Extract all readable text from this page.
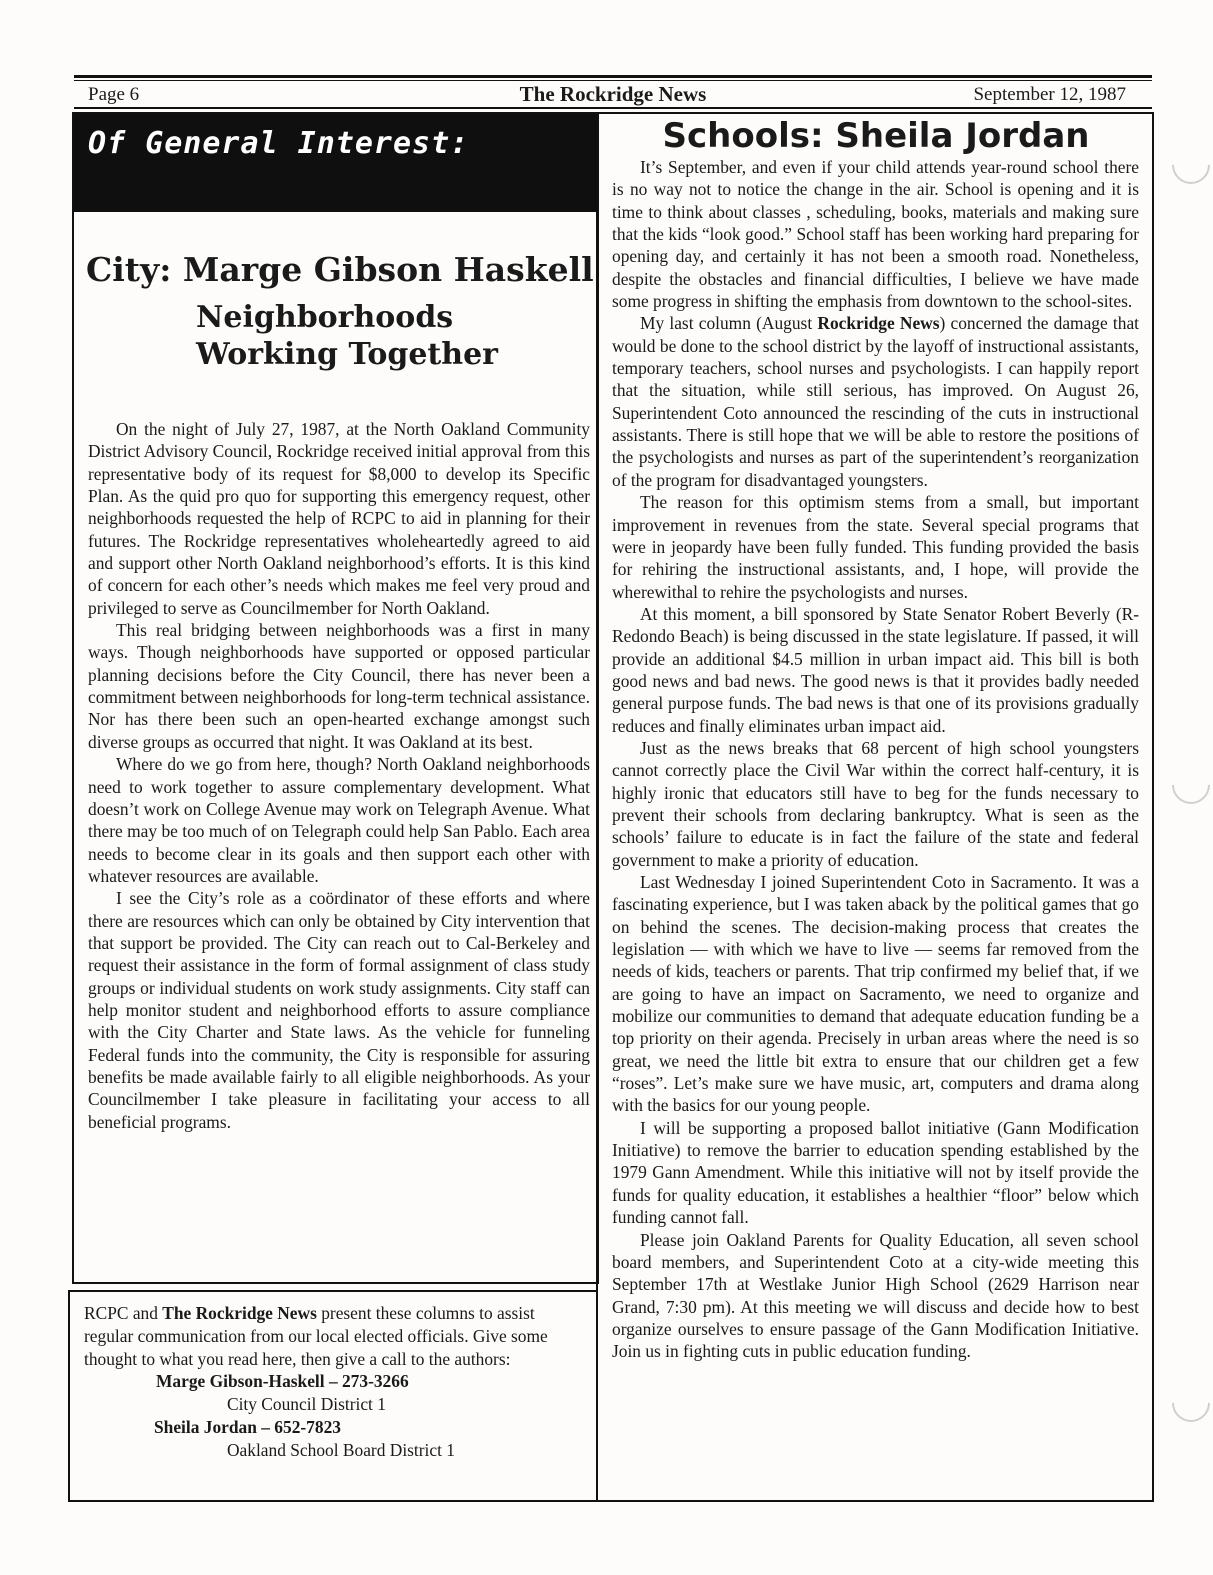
Page 6	The Rockridge News	September 12, 1987
Of General Interest:
City: Marge Gibson Haskell
Neighborhoods
Working Together

On the night of July 27, 1987, at the North Oakland Community District Advisory Council, Rockridge received initial approval from this representative body of its request for $8,000 to develop its Specific Plan. As the quid pro quo for supporting this emergency request, other neighborhoods requested the help of RCPC to aid in planning for their futures. The Rockridge representatives wholeheartedly agreed to aid and support other North Oakland neighborhood’s efforts. It is this kind of concern for each other’s needs which makes me feel very proud and privileged to serve as Councilmember for North Oakland.

This real bridging between neighborhoods was a first in many ways. Though neighborhoods have supported or opposed particular planning decisions before the City Council, there has never been a commitment between neighborhoods for long-term technical assistance. Nor has there been such an open-hearted exchange amongst such diverse groups as occurred that night. It was Oakland at its best.

Where do we go from here, though? North Oakland neighborhoods need to work together to assure complementary development. What doesn’t work on College Avenue may work on Telegraph Avenue. What there may be too much of on Telegraph could help San Pablo. Each area needs to become clear in its goals and then support each other with whatever resources are available.

I see the City’s role as a coördinator of these efforts and where there are resources which can only be obtained by City intervention that that support be provided. The City can reach out to Cal-Berkeley and request their assistance in the form of formal assignment of class study groups or individual students on work study assignments. City staff can help monitor student and neighborhood efforts to assure compliance with the City Charter and State laws. As the vehicle for funneling Federal funds into the community, the City is responsible for assuring benefits be made available fairly to all eligible neighborhoods. As your Councilmember I take pleasure in facilitating your access to all beneficial programs.

RCPC and The Rockridge News present these columns to assist regular communication from our local elected officials. Give some thought to what you read here, then give a call to the authors:

Marge Gibson-Haskell – 273-3266

City Council District 1

Sheila Jordan – 652-7823

Oakland School Board District 1

Schools: Sheila Jordan

It’s September, and even if your child attends year-round school there is no way not to notice the change in the air. School is opening and it is time to think about classes , scheduling, books, materials and making sure that the kids “look good.” School staff has been working hard preparing for opening day, and certainly it has not been a smooth road. Nonetheless, despite the obstacles and financial difficulties, I believe we have made some progress in shifting the emphasis from downtown to the school-sites.

My last column (August Rockridge News) concerned the damage that would be done to the school district by the layoff of instructional assistants, temporary teachers, school nurses and psychologists. I can happily report that the situation, while still serious, has improved. On August 26, Superintendent Coto announced the rescinding of the cuts in instructional assistants. There is still hope that we will be able to restore the positions of the psychologists and nurses as part of the superintendent’s reorganization of the program for disadvantaged youngsters.

The reason for this optimism stems from a small, but important improvement in revenues from the state. Several special programs that were in jeopardy have been fully funded. This funding provided the basis for rehiring the instructional assistants, and, I hope, will provide the wherewithal to rehire the psychologists and nurses.

At this moment, a bill sponsored by State Senator Robert Beverly (R- Redondo Beach) is being discussed in the state legislature. If passed, it will provide an additional $4.5 million in urban impact aid. This bill is both good news and bad news. The good news is that it provides badly needed general purpose funds. The bad news is that one of its provisions gradually reduces and finally eliminates urban impact aid.

Just as the news breaks that 68 percent of high school youngsters cannot correctly place the Civil War within the correct half-century, it is highly ironic that educators still have to beg for the funds necessary to prevent their schools from declaring bankruptcy. What is seen as the schools’ failure to educate is in fact the failure of the state and federal government to make a priority of education.

Last Wednesday I joined Superintendent Coto in Sacramento. It was a fascinating experience, but I was taken aback by the political games that go on behind the scenes. The decision-making process that creates the legislation — with which we have to live — seems far removed from the needs of kids, teachers or parents. That trip confirmed my belief that, if we are going to have an impact on Sacramento, we need to organize and mobilize our communities to demand that adequate education funding be a top priority on their agenda. Precisely in urban areas where the need is so great, we need the little bit extra to ensure that our children get a few “roses”. Let’s make sure we have music, art, computers and drama along with the basics for our young people.

I will be supporting a proposed ballot initiative (Gann Modification Initiative) to remove the barrier to education spending established by the 1979 Gann Amendment. While this initiative will not by itself provide the funds for quality education, it establishes a healthier “floor” below which funding cannot fall.

Please join Oakland Parents for Quality Education, all seven school board members, and Superintendent Coto at a city-wide meeting this September 17th at Westlake Junior High School (2629 Harrison near Grand, 7:30 pm). At this meeting we will discuss and decide how to best organize ourselves to ensure passage of the Gann Modification Initiative. Join us in fighting cuts in public education funding.
